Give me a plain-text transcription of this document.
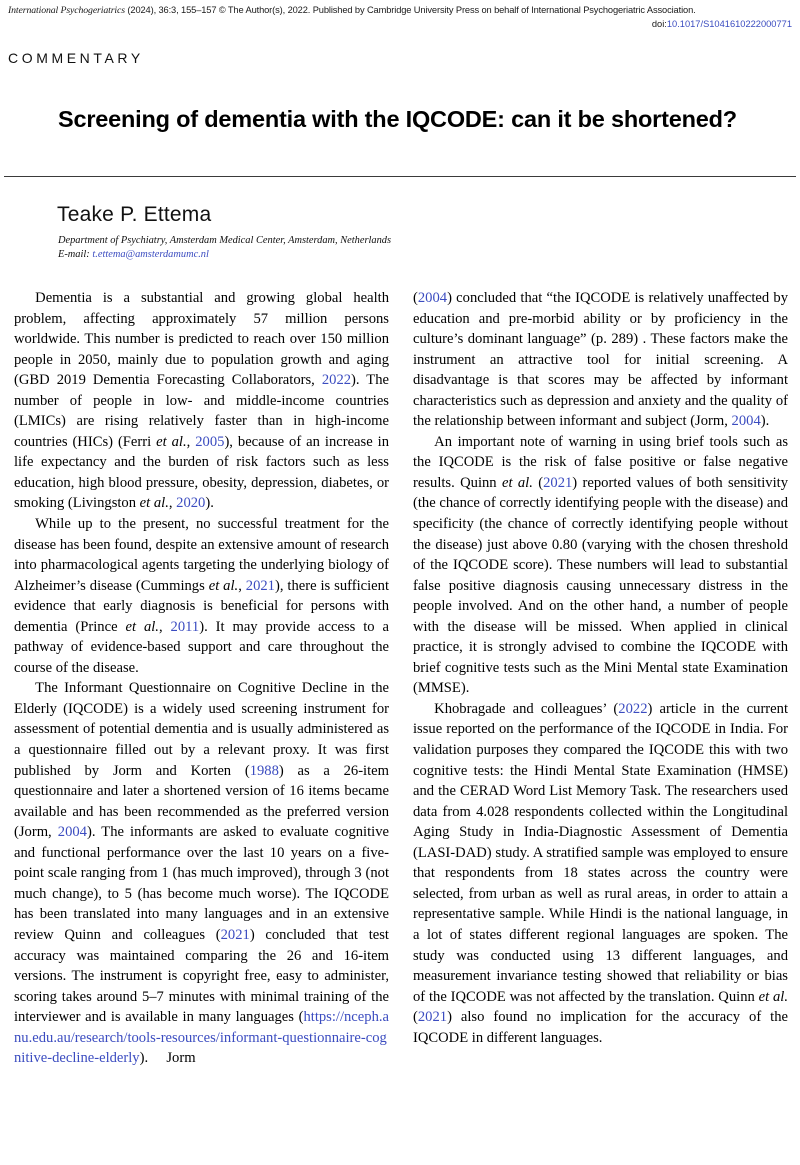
International Psychogeriatrics (2024), 36:3, 155–157 © The Author(s), 2022. Published by Cambridge University Press on behalf of International Psychogeriatric Association.
doi:10.1017/S1041610222000771
COMMENTARY
Screening of dementia with the IQCODE: can it be shortened?
Teake P. Ettema
Department of Psychiatry, Amsterdam Medical Center, Amsterdam, Netherlands
E-mail: t.ettema@amsterdamumc.nl

Dementia is a substantial and growing global health problem, affecting approximately 57 million persons worldwide. This number is predicted to reach over 150 million people in 2050, mainly due to population growth and aging (GBD 2019 Dementia Forecasting Collaborators, 2022). The number of people in low- and middle-income countries (LMICs) are rising relatively faster than in high-income countries (HICs) (Ferri et al., 2005), because of an increase in life expectancy and the burden of risk factors such as less education, high blood pressure, obesity, depression, diabetes, or smoking (Livingston et al., 2020).

While up to the present, no successful treatment for the disease has been found, despite an extensive amount of research into pharmacological agents targeting the underlying biology of Alzheimer’s disease (Cummings et al., 2021), there is sufficient evidence that early diagnosis is beneficial for persons with dementia (Prince et al., 2011). It may provide access to a pathway of evidence-based support and care throughout the course of the disease.

The Informant Questionnaire on Cognitive Decline in the Elderly (IQCODE) is a widely used screening instrument for assessment of potential dementia and is usually administered as a questionnaire filled out by a relevant proxy. It was first published by Jorm and Korten (1988) as a 26-item questionnaire and later a shortened version of 16 items became available and has been recommended as the preferred version (Jorm, 2004). The informants are asked to evaluate cognitive and functional performance over the last 10 years on a five-point scale ranging from 1 (has much improved), through 3 (not much change), to 5 (has become much worse). The IQCODE has been translated into many languages and in an extensive review Quinn and colleagues (2021) concluded that test accuracy was maintained comparing the 26 and 16-item versions. The instrument is copyright free, easy to administer, scoring takes around 5–7 minutes with minimal training of the interviewer and is available in many languages (https://nceph.anu.edu.au/research/tools-resources/informant-questionnaire-cognitive-decline-elderly).  Jorm

(2004) concluded that “the IQCODE is relatively unaffected by education and pre-morbid ability or by proficiency in the culture’s dominant language” (p. 289) . These factors make the instrument an attractive tool for initial screening. A disadvantage is that scores may be affected by informant characteristics such as depression and anxiety and the quality of the relationship between informant and subject (Jorm, 2004).

An important note of warning in using brief tools such as the IQCODE is the risk of false positive or false negative results. Quinn et al. (2021) reported values of both sensitivity (the chance of correctly identifying people with the disease) and specificity (the chance of correctly identifying people without the disease) just above 0.80 (varying with the chosen threshold of the IQCODE score). These numbers will lead to substantial false positive diagnosis causing unnecessary distress in the people involved. And on the other hand, a number of people with the disease will be missed. When applied in clinical practice, it is strongly advised to combine the IQCODE with brief cognitive tests such as the Mini Mental state Examination (MMSE).

Khobragade and colleagues’ (2022) article in the current issue reported on the performance of the IQCODE in India. For validation purposes they compared the IQCODE this with two cognitive tests: the Hindi Mental State Examination (HMSE) and the CERAD Word List Memory Task. The researchers used data from 4.028 respondents collected within the Longitudinal Aging Study in India-Diagnostic Assessment of Dementia (LASI-DAD) study. A stratified sample was employed to ensure that respondents from 18 states across the country were selected, from urban as well as rural areas, in order to attain a representative sample. While Hindi is the national language, in a lot of states different regional languages are spoken. The study was conducted using 13 different languages, and measurement invariance testing showed that reliability or bias of the IQCODE was not affected by the translation. Quinn et al. (2021) also found no implication for the accuracy of the IQCODE in different languages.
